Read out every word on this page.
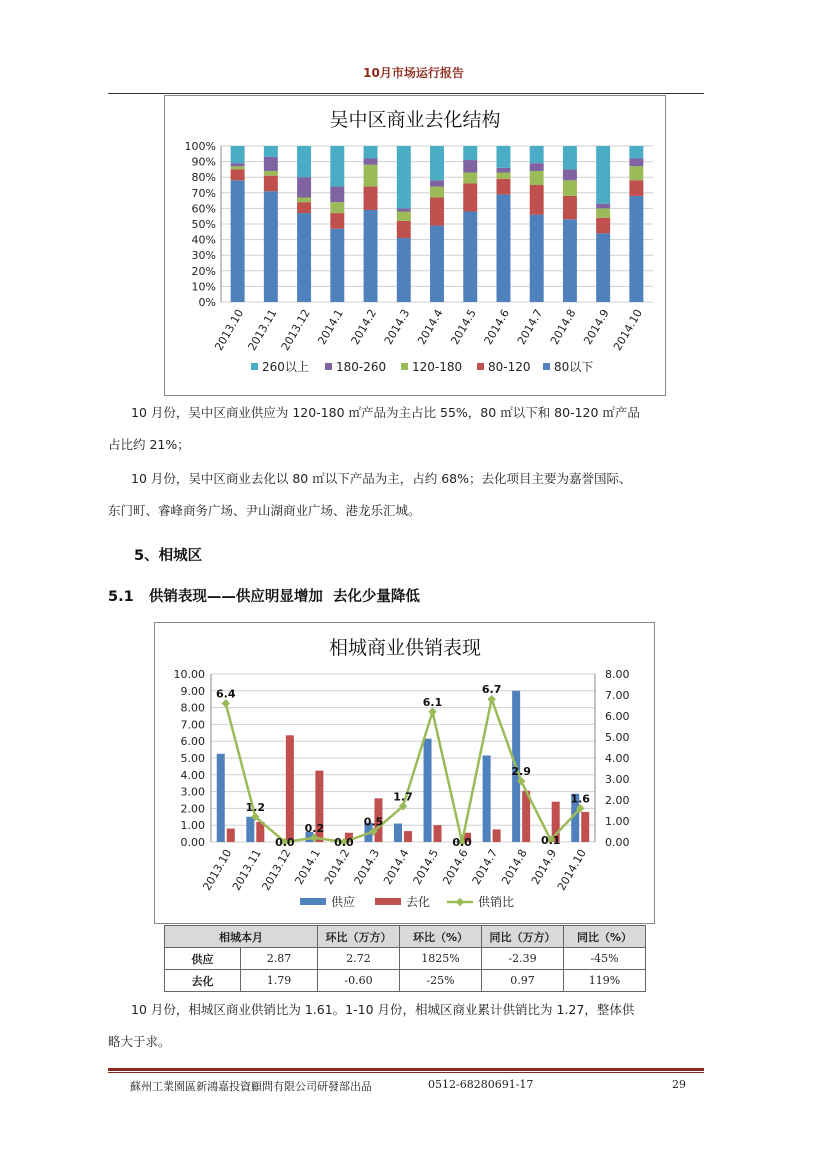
10月市场运行报告
吴中区商业去化结构
100%
90%
80%
70%
60%
50%
40%
30%
20%
10%
0%
2013.10 2013.11 2013.12 2014.1 2014.2 2014.3 2014.4 2014.5 2014.6 2014.7 2014.8 2014.9 2014.10
260以上 180-260 120-180 80-120 80以下
10 月份，吴中区商业供应为 120-180 ㎡产品为主占比 55%，80 ㎡以下和 80-120 ㎡产品
占比约 21%；
10 月份，吴中区商业去化以 80 ㎡以下产品为主，占约 68%；去化项目主要为嘉誉国际、
东门町、睿峰商务广场、尹山湖商业广场、港龙乐汇城。
5、相城区
5.1   供销表现——供应明显增加  去化少量降低
相城商业供销表现
10.00
9.00
8.00
7.00
6.00
5.00
4.00
3.00
2.00
1.00
0.00
8.00
7.00
6.00
5.00
4.00
3.00
2.00
1.00
0.00
2013.10
2013.11
2013.12 2014.1 2014.2 2014.3 2014.4 2014.5 2014.6 2014.7 2014.8 2014.9
2014.10
6.4
1.2
0.0
0.2
0.0
0.5
1.7
6.1
0.0
6.7
2.9
0.1
1.6
供应	去化	供销比
相城本月		环比（万方）	环比（%）	同比（万方）	同比（%）
供应	2.87	2.72	1825%	-2.39	-45%
去化	1.79	-0.60	-25%	0.97	119%
10 月份，相城区商业供销比为 1.61。1-10 月份，相城区商业累计供销比为 1.27，整体供
略大于求。
蘇州工業園區新鴻嘉投資顧問有限公司研發部出品	0512-68280691-17	29
